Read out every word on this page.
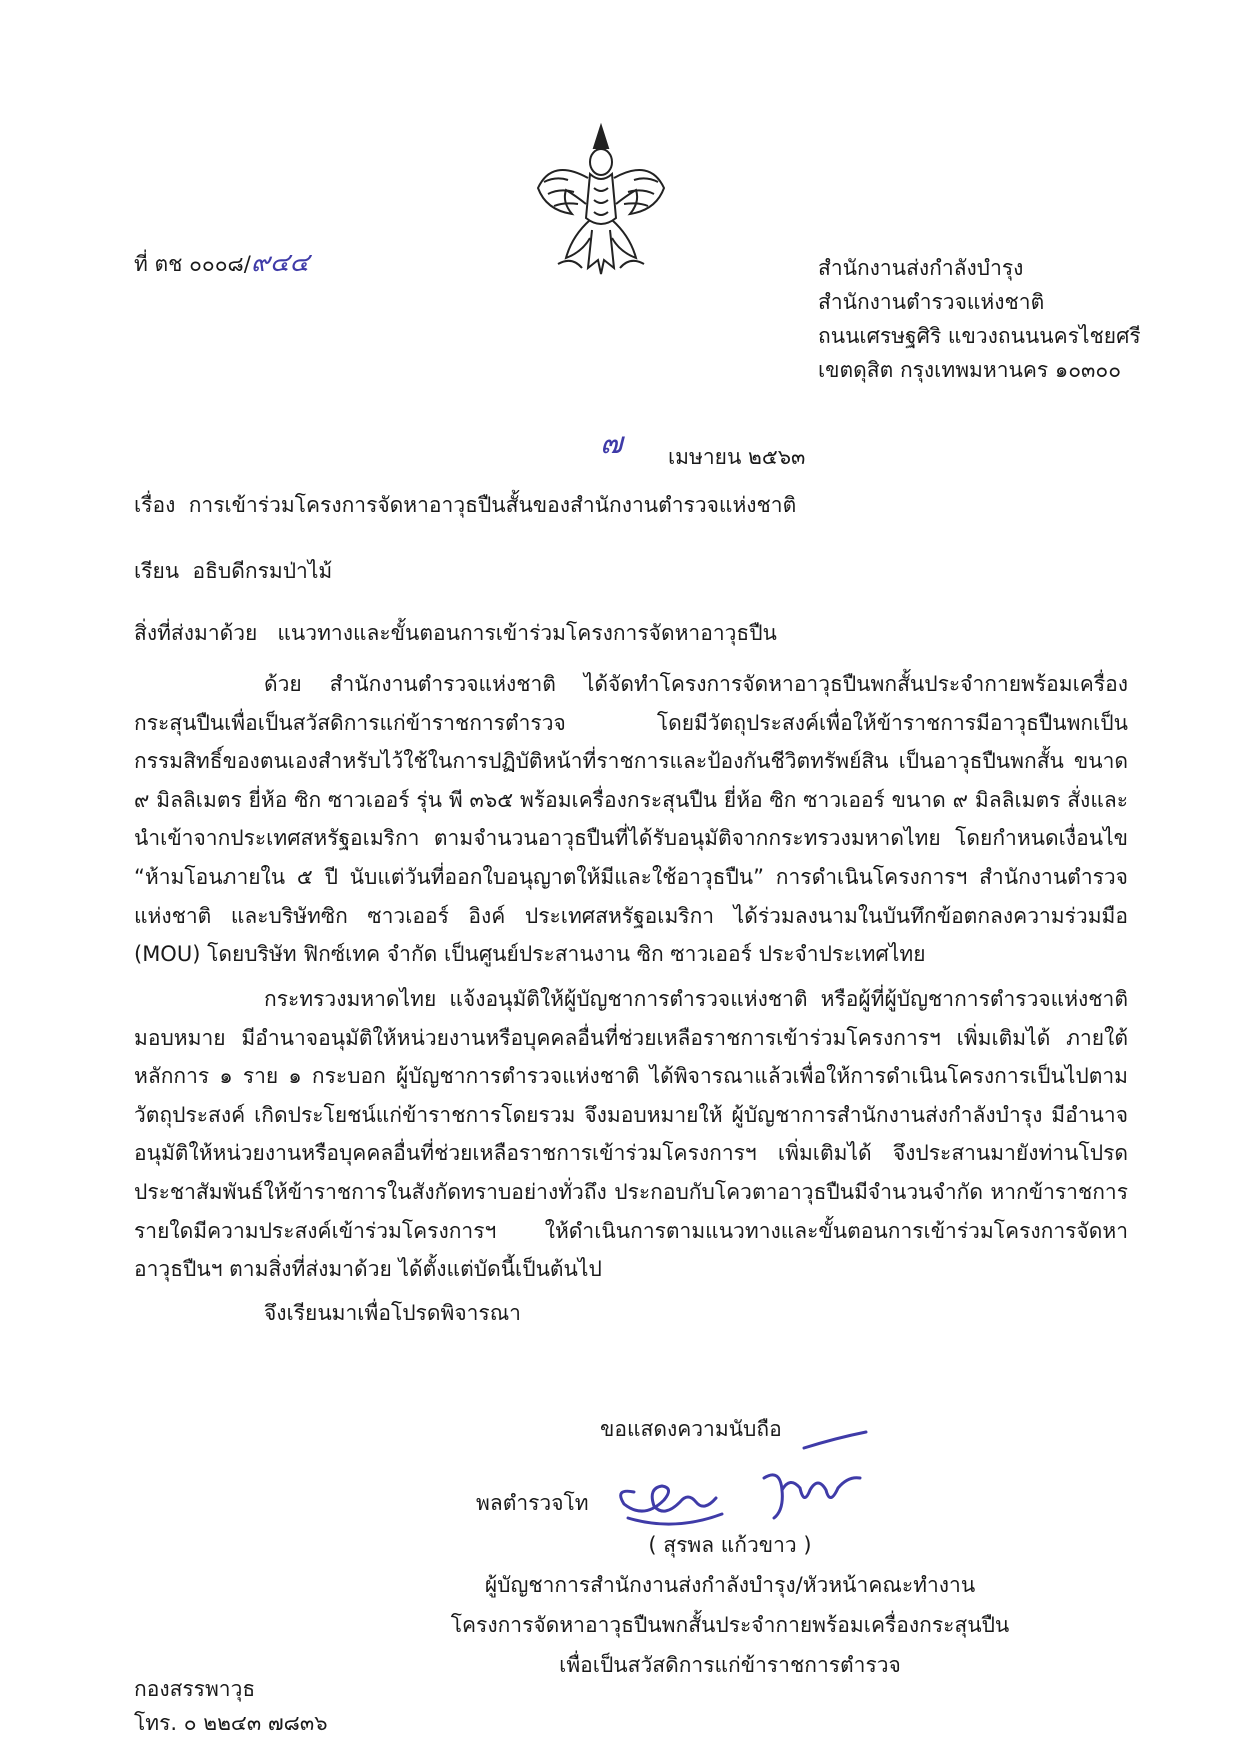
ที่ ตช ๐๐๐๘/๙๔๔	สำนักงานส่งกำลังบำรุง
สำนักงานตำรวจแห่งชาติ
ถนนเศรษฐศิริ แขวงถนนนครไชยศรี
เขตดุสิต กรุงเทพมหานคร ๑๐๓๐๐
๗ เมษายน ๒๕๖๓
เรื่อง การเข้าร่วมโครงการจัดหาอาวุธปืนสั้นของสำนักงานตำรวจแห่งชาติ
เรียน อธิบดีกรมป่าไม้
สิ่งที่ส่งมาด้วย แนวทางและขั้นตอนการเข้าร่วมโครงการจัดหาอาวุธปืน
ด้วย สำนักงานตำรวจแห่งชาติ ได้จัดทำโครงการจัดหาอาวุธปืนพกสั้นประจำกายพร้อมเครื่องกระสุนปืนเพื่อเป็นสวัสดิการแก่ข้าราชการตำรวจ โดยมีวัตถุประสงค์เพื่อให้ข้าราชการมีอาวุธปืนพกเป็นกรรมสิทธิ์ของตนเองสำหรับไว้ใช้ในการปฏิบัติหน้าที่ราชการและป้องกันชีวิตทรัพย์สิน เป็นอาวุธปืนพกสั้น ขนาด ๙ มิลลิเมตร ยี่ห้อ ซิก ซาวเออร์ รุ่น พี ๓๖๕ พร้อมเครื่องกระสุนปืน ยี่ห้อ ซิก ซาวเออร์ ขนาด ๙ มิลลิเมตร สั่งและนำเข้าจากประเทศสหรัฐอเมริกา ตามจำนวนอาวุธปืนที่ได้รับอนุมัติจากกระทรวงมหาดไทย โดยกำหนดเงื่อนไข “ห้ามโอนภายใน ๕ ปี นับแต่วันที่ออกใบอนุญาตให้มีและใช้อาวุธปืน” การดำเนินโครงการฯ สำนักงานตำรวจแห่งชาติ และบริษัทซิก ซาวเออร์ อิงค์ ประเทศสหรัฐอเมริกา ได้ร่วมลงนามในบันทึกข้อตกลงความร่วมมือ (MOU) โดยบริษัท ฟิกซ์เทค จำกัด เป็นศูนย์ประสานงาน ซิก ซาวเออร์ ประจำประเทศไทย
กระทรวงมหาดไทย แจ้งอนุมัติให้ผู้บัญชาการตำรวจแห่งชาติ หรือผู้ที่ผู้บัญชาการตำรวจแห่งชาติมอบหมาย มีอำนาจอนุมัติให้หน่วยงานหรือบุคคลอื่นที่ช่วยเหลือราชการเข้าร่วมโครงการฯ เพิ่มเติมได้ ภายใต้หลักการ ๑ ราย ๑ กระบอก ผู้บัญชาการตำรวจแห่งชาติ ได้พิจารณาแล้วเพื่อให้การดำเนินโครงการเป็นไปตามวัตถุประสงค์ เกิดประโยชน์แก่ข้าราชการโดยรวม จึงมอบหมายให้ ผู้บัญชาการสำนักงานส่งกำลังบำรุง มีอำนาจอนุมัติให้หน่วยงานหรือบุคคลอื่นที่ช่วยเหลือราชการเข้าร่วมโครงการฯ เพิ่มเติมได้ จึงประสานมายังท่านโปรดประชาสัมพันธ์ให้ข้าราชการในสังกัดทราบอย่างทั่วถึง ประกอบกับโควตาอาวุธปืนมีจำนวนจำกัด หากข้าราชการรายใดมีความประสงค์เข้าร่วมโครงการฯ ให้ดำเนินการตามแนวทางและขั้นตอนการเข้าร่วมโครงการจัดหาอาวุธปืนฯ ตามสิ่งที่ส่งมาด้วย ได้ตั้งแต่บัดนี้เป็นต้นไป
จึงเรียนมาเพื่อโปรดพิจารณา
ขอแสดงความนับถือ
พลตำรวจโท
( สุรพล แก้วขาว )
ผู้บัญชาการสำนักงานส่งกำลังบำรุง/หัวหน้าคณะทำงาน
โครงการจัดหาอาวุธปืนพกสั้นประจำกายพร้อมเครื่องกระสุนปืน
เพื่อเป็นสวัสดิการแก่ข้าราชการตำรวจ
กองสรรพาวุธ
โทร. ๐ ๒๒๔๓ ๗๘๓๖
